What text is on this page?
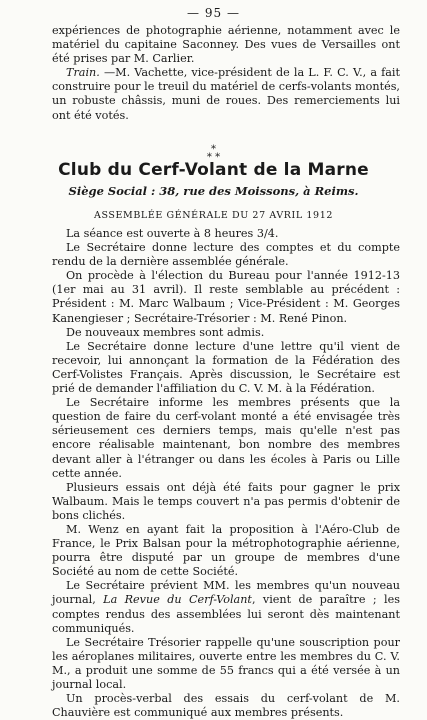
— 95 —

expériences de photographie aérienne, notamment avec le matériel du capitaine Saconney. Des vues de Versailles ont été prises par M. Carlier.

Train. —M. Vachette, vice-président de la L. F. C. V., a fait construire pour le treuil du matériel de cerfs-volants montés, un robuste châssis, muni de roues. Des remerciements lui ont été votés.

*
* *
Club du Cerf-Volant de la Marne
Siège Social : 38, rue des Moissons, à Reims.
ASSEMBLÉE GÉNÉRALE DU 27 AVRIL 1912

La séance est ouverte à 8 heures 3/4.

Le Secrétaire donne lecture des comptes et du compte rendu de la dernière assemblée générale.

On procède à l'élection du Bureau pour l'année 1912-13 (1er mai au 31 avril). Il reste semblable au précédent : Président : M. Marc Walbaum ; Vice-Président : M. Georges Kanengieser ; Secrétaire-Trésorier : M. René Pinon.

De nouveaux membres sont admis.

Le Secrétaire donne lecture d'une lettre qu'il vient de recevoir, lui annonçant la formation de la Fédération des Cerf-Volistes Français. Après discussion, le Secrétaire est prié de demander l'affiliation du C. V. M. à la Fédération.

Le Secrétaire informe les membres présents que la question de faire du cerf-volant monté a été envisagée très sérieusement ces derniers temps, mais qu'elle n'est pas encore réalisable maintenant, bon nombre des membres devant aller à l'étranger ou dans les écoles à Paris ou Lille cette année.

Plusieurs essais ont déjà été faits pour gagner le prix Walbaum. Mais le temps couvert n'a pas permis d'obtenir de bons clichés.

M. Wenz en ayant fait la proposition à l'Aéro-Club de France, le Prix Balsan pour la métrophotographie aérienne, pourra être disputé par un groupe de membres d'une Société au nom de cette Société.

Le Secrétaire prévient MM. les membres qu'un nouveau journal, La Revue du Cerf-Volant, vient de paraître ; les comptes rendus des assemblées lui seront dès maintenant communiqués.

Le Secrétaire Trésorier rappelle qu'une souscription pour les aéroplanes militaires, ouverte entre les membres du C. V. M., a produit une somme de 55 francs qui a été versée à un journal local.

Un procès-verbal des essais du cerf-volant de M. Chauvière est communiqué aux membres présents.
